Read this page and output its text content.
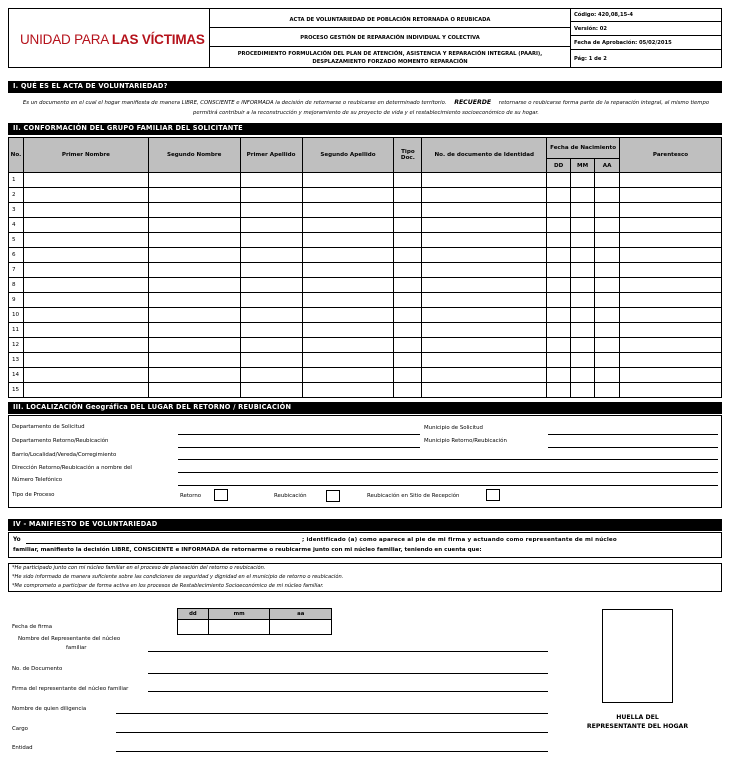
UNIDAD PARA LAS VÍCTIMAS
ACTA DE VOLUNTARIEDAD DE POBLACIÓN RETORNADA O REUBICADA
PROCESO GESTIÓN DE REPARACIÓN INDIVIDUAL Y COLECTIVA
PROCEDIMIENTO FORMULACIÓN DEL PLAN DE ATENCIÓN, ASISTENCIA Y REPARACIÓN INTEGRAL (PAARI), DESPLAZAMIENTO FORZADO MOMENTO REPARACIÓN
Código: 420,08,15-4
Versión: 02
Fecha de Aprobación: 05/02/2015
Pág: 1 de 2
I. QUÉ ES EL ACTA DE VOLUNTARIEDAD?
Es un documento en el cual el hogar manifiesta de manera LIBRE, CONSCIENTE e INFORMADA la decisión de retornarse o reubicarse en determinado territorio. RECUERDE retornarse o reubicarse forma parte de la reparación integral, al mismo tiempo permitirá contribuir a la reconstrucción y mejoramiento de su proyecto de vida y el restablecimiento socioeconómico de su hogar.
II. CONFORMACIÓN DEL GRUPO FAMILIAR DEL SOLICITANTE
No.	Primer Nombre	Segundo Nombre	Primer Apellido	Segundo Apellido	Tipo Doc.	No. de documento de Identidad	Fecha de Nacimiento			Parentesco
							DD	MM	AA	
1										
2										
3										
4										
5										
6										
7										
8										
9										
10										
11										
12										
13										
14										
15										
III. LOCALIZACIÓN Geográfica DEL LUGAR DEL RETORNO / REUBICACIÓN
Departamento de Solicitud	Municipio de Solicitud
Departamento Retorno/Reubicación	Municipio Retorno/Reubicación
Barrio/Localidad/Vereda/Corregimiento
Dirección Retorno/Reubicación a nombre del
Número Telefónico
Tipo de Proceso	Retorno	Reubicación	Reubicación en Sitio de Recepción
IV - MANIFIESTO DE VOLUNTARIEDAD
Yo	; identificado (a) como aparece al pie de mi firma y actuando como representante de mi núcleo
familiar, manifiesto la decisión LIBRE, CONSCIENTE e INFORMADA de retornarme o reubicarme junto con mi núcleo familiar, teniendo en cuenta que:
*He participado junto con mi núcleo familiar en el proceso de planeación del retorno o reubicación.
*He sido informado de manera suficiente sobre las condiciones de seguridad y dignidad en el municipio de retorno o reubicación.
*Me comprometo a participar de forma activa en los procesos de Restablecimiento Socioeconómico de mi núcleo familiar.
dd	mm	aa

Fecha de firma
Nombre del Representante del núcleo
familiar
No. de Documento
Firma del representante del núcleo familiar
Nombre de quien diligencia
Cargo
Entidad
HUELLA DEL
REPRESENTANTE DEL HOGAR
